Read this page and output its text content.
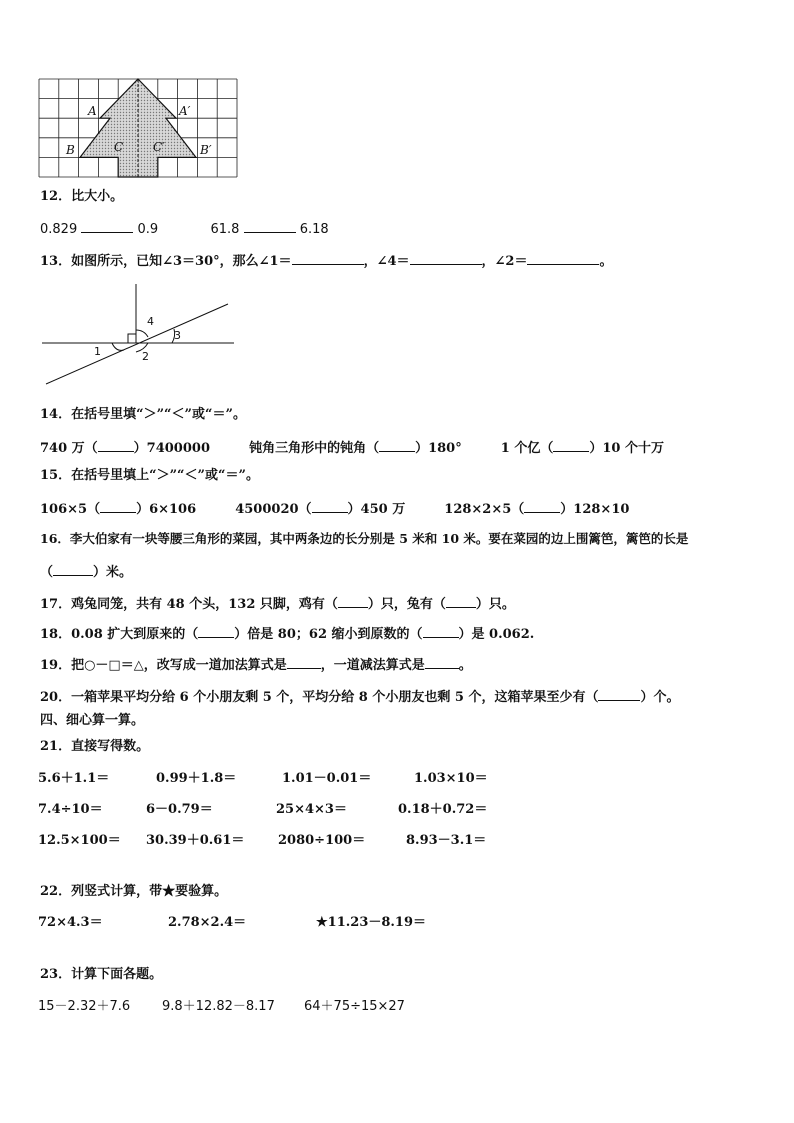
A	A′
B	B′
C C′
12．比大小。
0.829	0.9	61.8	6.18
13．如图所示，已知∠3＝30°，那么∠1＝	，∠4＝	，∠2＝	。
1	2
3
4
14．在括号里填“＞”“＜”或“＝”。
740 万（	）7400000	钝角三角形中的钝角（	）180°	1 个亿（	）10 个十万
15．在括号里填上“＞”“＜”或“＝”。
106×5（	）6×106	4500020（	）450 万	128×2×5（	）128×10
16．李大伯家有一块等腰三角形的菜园，其中两条边的长分别是 5 米和 10 米。要在菜园的边上围篱笆，篱笆的长是
（	）米。
17．鸡兔同笼，共有 48 个头，132 只脚，鸡有（ ）只，兔有（ ）只。
18．0.08 扩大到原来的（	）倍是 80；62 缩小到原数的（	）是 0.062.
19．把○－□＝△，改写成一道加法算式是	，一道减法算式是	。
20．一箱苹果平均分给 6 个小朋友剩 5 个，平均分给 8 个小朋友也剩 5 个，这箱苹果至少有（	）个。
四、细心算一算。
21．直接写得数。
5.6＋1.1＝	0.99＋1.8＝	1.01－0.01＝	1.03×10＝
7.4÷10＝	6－0.79＝	25×4×3＝	0.18＋0.72＝
12.5×100＝ 30.39＋0.61＝	2080÷100＝	8.93－3.1＝
22．列竖式计算，带★要验算。
72×4.3＝	2.78×2.4＝	★11.23－8.19＝
23．计算下面各题。
15－2.32＋7.6 9.8＋12.82－8.17 64＋75÷15×27
